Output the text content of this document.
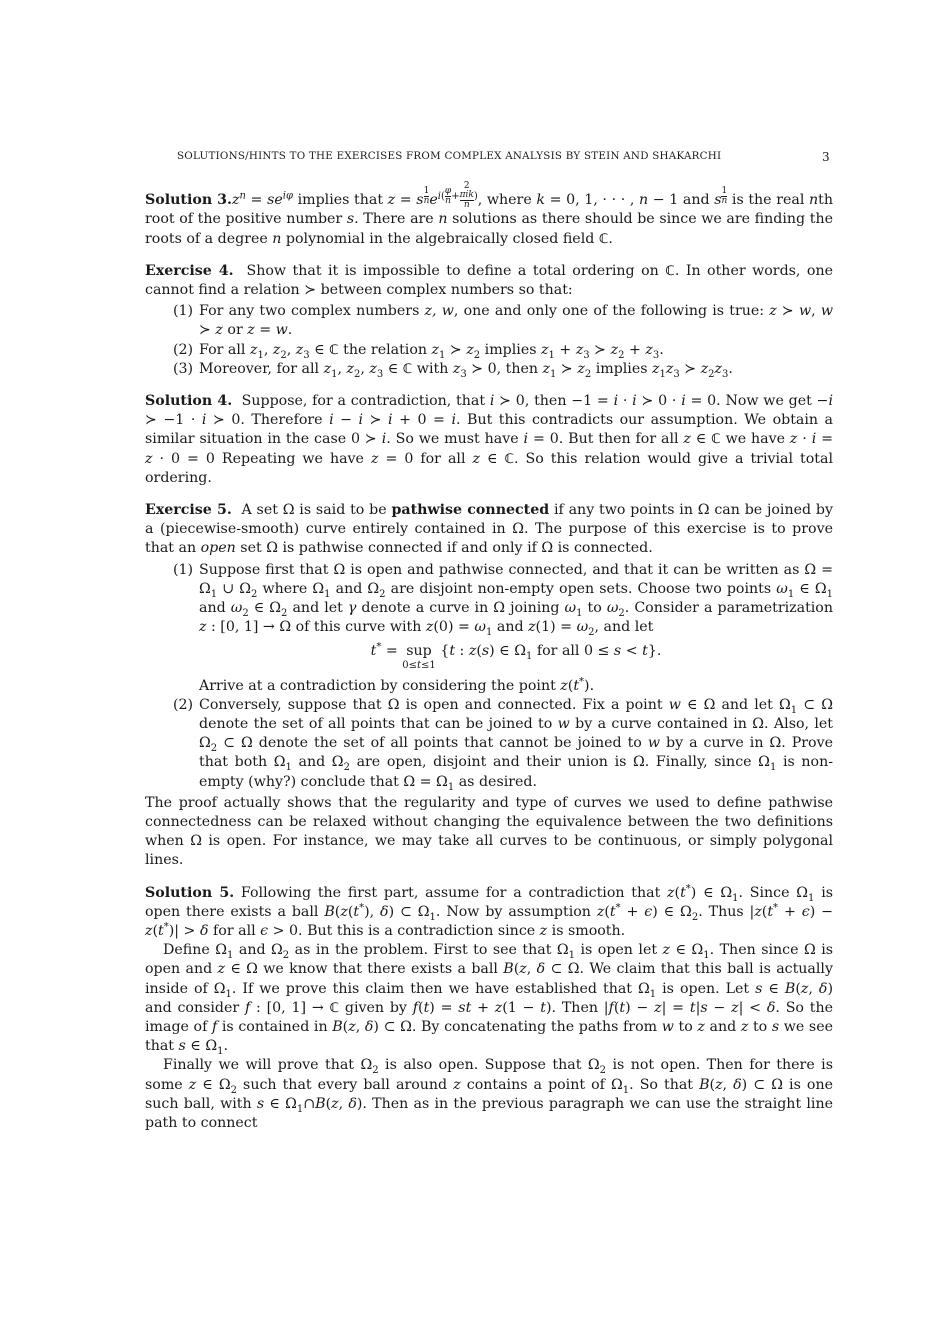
SOLUTIONS/HINTS TO THE EXERCISES FROM COMPLEX ANALYSIS BY STEIN AND SHAKARCHI	3

Solution $3.z^n = se^{i\varphi}$ implies that z = s $^{\frac{1}{n}}$ $e^{i( \frac{\varphi}{n} + 2 \pi ik n )}$, where k = 0, 1, · · · , n − 1 and s $^{\frac{1}{n}}$ is the real nth root of the positive number s. There are n solutions as there should be since we are finding the roots of a degree n polynomial in the algebraically closed field ℂ.

Exercise 4.  Show that it is impossible to define a total ordering on ℂ. In other words, one cannot find a relation ≻ between complex numbers so that:

(1) For any two complex numbers z, w, one and only one of the following is true: z ≻ w, w ≻ z or z = w.
(2) For all $z_1$, $z_2$, $z_3$ ∈ ℂ the relation $z_1$ ≻ $z_2$ implies $z_1 + z_3$ ≻ $z_2 + z_3$.
(3) Moreover, for all $z_1$, $z_2$, $z_3$ ∈ ℂ with $z_3$ ≻ 0, then $z_1$ ≻ $z_2$ implies $z_1z_3$ ≻ $z_2z_3$.

Solution 4.  Suppose, for a contradiction, that i ≻ 0, then −1 = i · i ≻ 0 · i = 0. Now we get −i ≻ −1 · i ≻ 0. Therefore i − i ≻ i + 0 = i. But this contradicts our assumption. We obtain a similar situation in the case 0 ≻ i. So we must have i = 0. But then for all z ∈ ℂ we have z · i = z · 0 = 0 Repeating we have z = 0 for all z ∈ ℂ. So this relation would give a trivial total ordering.

Exercise 5.  A set Ω is said to be pathwise connected if any two points in Ω can be joined by a (piecewise-smooth) curve entirely contained in Ω. The purpose of this exercise is to prove that an open set Ω is pathwise connected if and only if Ω is connected.

(1) Suppose first that Ω is open and pathwise connected, and that it can be written as $\Omega = \Omega_1$ ∪ $\Omega_2$ where $\Omega_1$ and $\Omega_2$ are disjoint non-empty open sets. Choose two points $\omega_1$ ∈ $\Omega_1$ and $\omega_2$ ∈ $\Omega_2$ and let γ denote a curve in Ω joining $\omega_1$ to $\omega_2$. Consider a parametrization z : [0, 1] → Ω of this curve with $z(0) = \omega_1$ and $z(1) = \omega_2$, and let
t* = sup
0≤t≤1
{t : z(s) ∈ $\Omega_1$ for all 0 ≤ s < t}.
Arrive at a contradiction by considering the point z(t*).
(2) Conversely, suppose that Ω is open and connected. Fix a point w ∈ Ω and let $\Omega_1$ ⊂ Ω denote the set of all points that can be joined to w by a curve contained in Ω. Also, let $\Omega_2$ ⊂ Ω denote the set of all points that cannot be joined to w by a curve in Ω. Prove that both $\Omega_1$ and $\Omega_2$ are open, disjoint and their union is Ω. Finally, since $\Omega_1$ is non-empty (why?) conclude that $\Omega = \Omega_1$ as desired.

The proof actually shows that the regularity and type of curves we used to define pathwise connectedness can be relaxed without changing the equivalence between the two definitions when Ω is open. For instance, we may take all curves to be continuous, or simply polygonal lines.

Solution 5. Following the first part, assume for a contradiction that z(t*) ∈ $\Omega_1$. Since $\Omega_1$ is open there exists a ball B(z(t*), δ) ⊂ $\Omega_1$. Now by assumption z(t* + ϵ) ∈ $\Omega_2$. Thus |z(t* + ϵ) − z(t*)| > δ for all ϵ > 0. But this is a contradiction since z is smooth.

Define $\Omega_1$ and $\Omega_2$ as in the problem. First to see that $\Omega_1$ is open let z ∈ $\Omega_1$. Then since Ω is open and z ∈ Ω we know that there exists a ball B(z, δ ⊂ Ω. We claim that this ball is actually inside of $\Omega_1$. If we prove this claim then we have established that $\Omega_1$ is open. Let s ∈ B(z, δ) and consider f : [0, 1] → ℂ given by f(t) = st + z(1 − t). Then |f(t) − z| = t|s − z| < δ. So the image of f is contained in B(z, δ) ⊂ Ω. By concatenating the paths from w to z and z to s we see that s ∈ $\Omega_1$.

Finally we will prove that $\Omega_2$ is also open. Suppose that $\Omega_2$ is not open. Then for there is some z ∈ $\Omega_2$ such that every ball around z contains a point of $\Omega_1$. So that B(z, δ) ⊂ Ω is one such ball, with s ∈ $\Omega_1\cap B(z$, δ). Then as in the previous paragraph we can use the straight line path to connect
